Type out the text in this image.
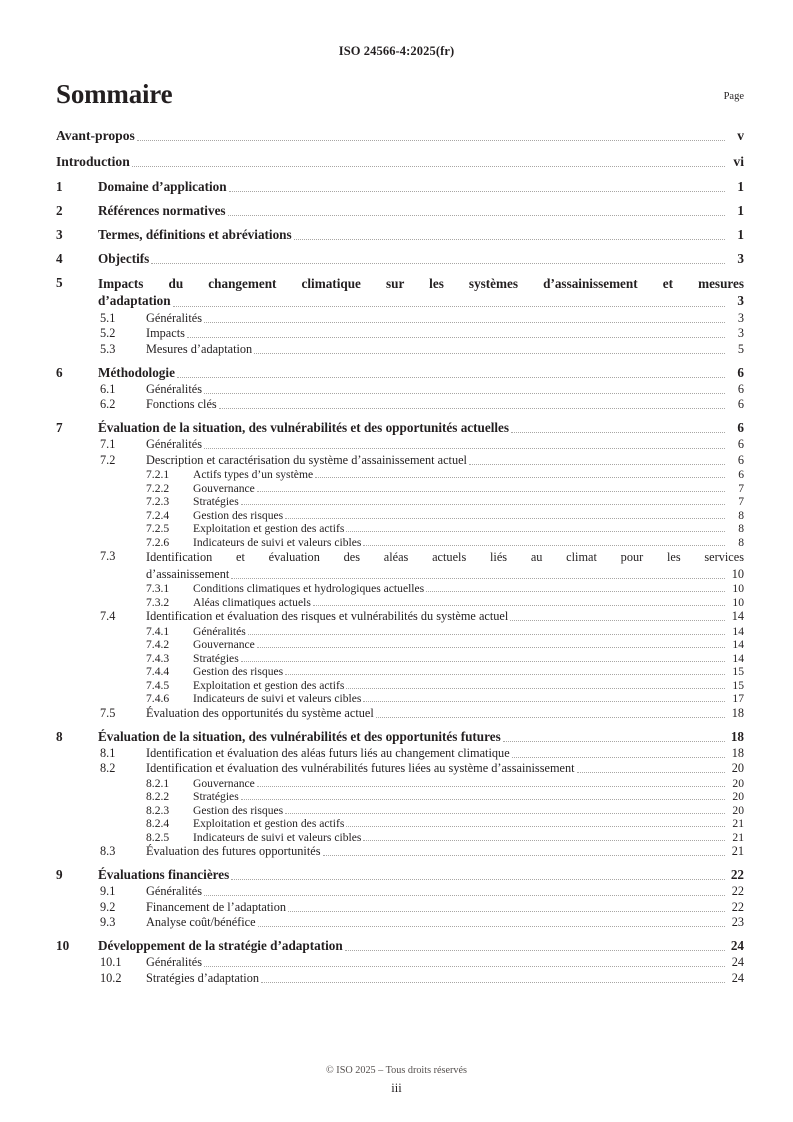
ISO 24566-4:2025(fr)
Sommaire	Page
Avant-propos	v
Introduction	vi
1	Domaine d’application	1
2	Références normatives	1
3	Termes, définitions et abréviations	1
4	Objectifs	3
5	Impacts du changement climatique sur les systèmes d’assainissement et mesures
d’adaptation	3
5.1	Généralités	3
5.2	Impacts	3
5.3	Mesures d’adaptation	5
6	Méthodologie	6
6.1	Généralités	6
6.2	Fonctions clés	6
7	Évaluation de la situation, des vulnérabilités et des opportunités actuelles	6
7.1	Généralités	6
7.2	Description et caractérisation du système d’assainissement actuel	6
7.2.1	Actifs types d’un système	6
7.2.2	Gouvernance	7
7.2.3	Stratégies	7
7.2.4	Gestion des risques	8
7.2.5	Exploitation et gestion des actifs	8
7.2.6	Indicateurs de suivi et valeurs cibles	8
7.3 Identification et évaluation des aléas actuels liés au climat pour les services
d’assainissement	10
7.3.1	Conditions climatiques et hydrologiques actuelles	10
7.3.2	Aléas climatiques actuels	10
7.4	Identification et évaluation des risques et vulnérabilités du système actuel	14
7.4.1	Généralités	14
7.4.2	Gouvernance	14
7.4.3	Stratégies	14
7.4.4	Gestion des risques	15
7.4.5	Exploitation et gestion des actifs	15
7.4.6	Indicateurs de suivi et valeurs cibles	17
7.5	Évaluation des opportunités du système actuel	18
8	Évaluation de la situation, des vulnérabilités et des opportunités futures	18
8.1	Identification et évaluation des aléas futurs liés au changement climatique	18
8.2	Identification et évaluation des vulnérabilités futures liées au système d’assainissement	20
8.2.1	Gouvernance	20
8.2.2	Stratégies	20
8.2.3	Gestion des risques	20
8.2.4	Exploitation et gestion des actifs	21
8.2.5	Indicateurs de suivi et valeurs cibles	21
8.3	Évaluation des futures opportunités	21
9	Évaluations financières	22
9.1	Généralités	22
9.2	Financement de l’adaptation	22
9.3	Analyse coût/bénéfice	23
10	Développement de la stratégie d’adaptation	24
10.1	Généralités	24
10.2	Stratégies d’adaptation	24
© ISO 2025 – Tous droits réservés
iii
